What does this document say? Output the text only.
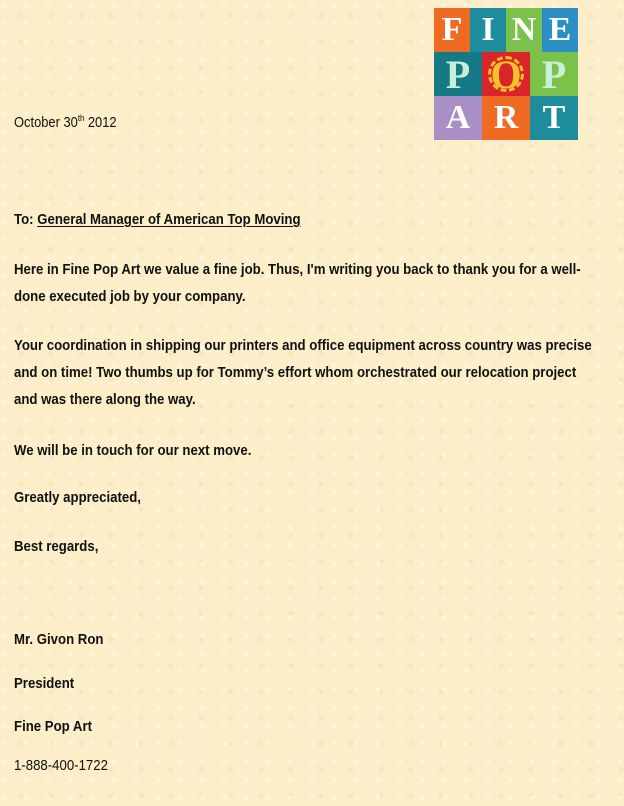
October 30th 2012
F I N E
P O P
A R T
To: General Manager of American Top Moving

Here in Fine Pop Art we value a fine job. Thus, I'm writing you back to thank you for a well-done executed job by your company.

Your coordination in shipping our printers and office equipment across country was precise and on time! Two thumbs up for Tommy’s effort whom orchestrated our relocation project and was there along the way.

We will be in touch for our next move.

Greatly appreciated,

Best regards,

Mr. Givon Ron
President
Fine Pop Art
1-888-400-1722
